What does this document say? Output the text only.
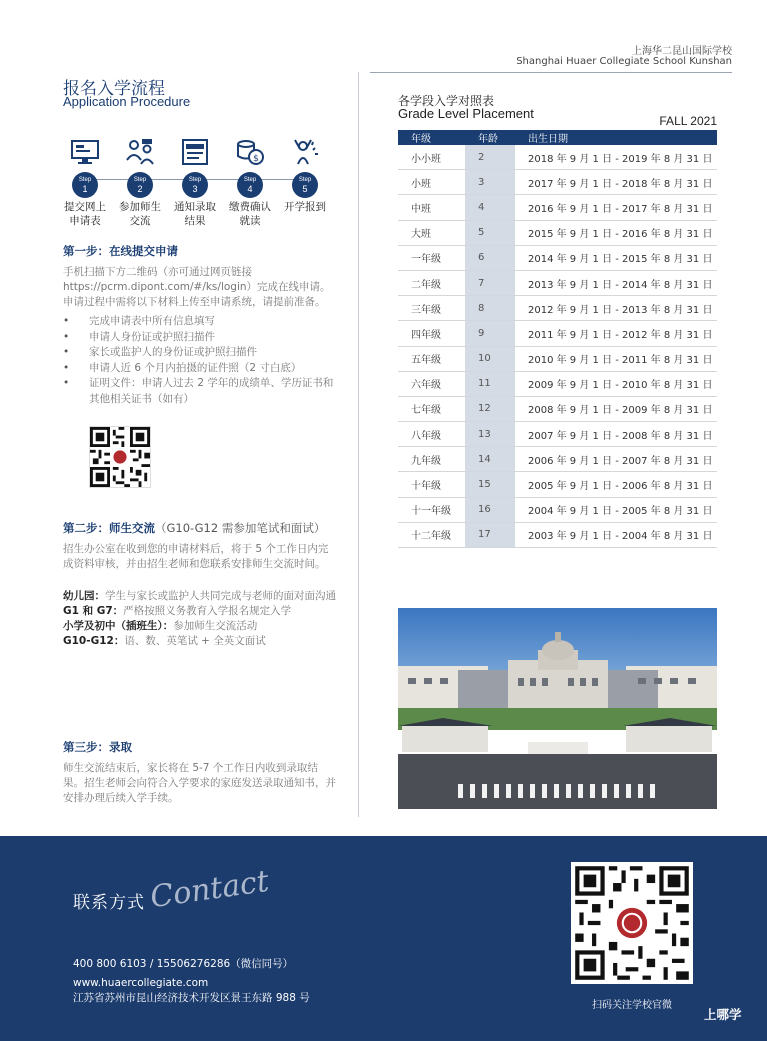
上海华二昆山国际学校
Shanghai Huaer Collegiate School Kunshan
报名入学流程
Application Procedure
Step
1
提交网上
申请表
Step
2
参加师生
交流
Step
3
通知录取
结果
$
Step
4
缴费确认
就读
Step
5
开学报到
第一步：在线提交申请
手机扫描下方二维码（亦可通过网页链接 https://pcrm.dipont.com/#/ks/login）完成在线申请。申请过程中需将以下材料上传至申请系统，请提前准备。
• 完成申请表中所有信息填写
• 申请人身份证或护照扫描件
• 家长或监护人的身份证或护照扫描件
• 申请人近 6 个月内拍摄的证件照（2 寸白底）
• 证明文件：申请人过去 2 学年的成绩单、学历证书和其他相关证书（如有）
第二步：师生交流（G10-G12 需参加笔试和面试）
招生办公室在收到您的申请材料后，将于 5 个工作日内完成资料审核，并由招生老师和您联系安排师生交流时间。
幼儿园：学生与家长或监护人共同完成与老师的面对面沟通
G1 和 G7：严格按照义务教育入学报名规定入学
小学及初中（插班生）：参加师生交流活动
G10-G12：语、数、英笔试 + 全英文面试
第三步：录取
师生交流结束后，家长将在 5-7 个工作日内收到录取结果。招生老师会向符合入学要求的家庭发送录取通知书，并安排办理后续入学手续。
各学段入学对照表
Grade Level Placement	FALL 2021
年级	年龄	出生日期
小小班	2	2018 年 9 月 1 日 - 2019 年 8 月 31 日
小班	3	2017 年 9 月 1 日 - 2018 年 8 月 31 日
中班	4	2016 年 9 月 1 日 - 2017 年 8 月 31 日
大班	5	2015 年 9 月 1 日 - 2016 年 8 月 31 日
一年级	6	2014 年 9 月 1 日 - 2015 年 8 月 31 日
二年级	7	2013 年 9 月 1 日 - 2014 年 8 月 31 日
三年级	8	2012 年 9 月 1 日 - 2013 年 8 月 31 日
四年级	9	2011 年 9 月 1 日 - 2012 年 8 月 31 日
五年级	10	2010 年 9 月 1 日 - 2011 年 8 月 31 日
六年级	11	2009 年 9 月 1 日 - 2010 年 8 月 31 日
七年级	12	2008 年 9 月 1 日 - 2009 年 8 月 31 日
八年级	13	2007 年 9 月 1 日 - 2008 年 8 月 31 日
九年级	14	2006 年 9 月 1 日 - 2007 年 8 月 31 日
十年级	15	2005 年 9 月 1 日 - 2006 年 8 月 31 日
十一年级	16	2004 年 9 月 1 日 - 2005 年 8 月 31 日
十二年级	17	2003 年 9 月 1 日 - 2004 年 8 月 31 日
Contact
联系方式
400 800 6103 / 15506276286（微信同号）
www.huaercollegiate.com
江苏省苏州市昆山经济技术开发区景王东路 988 号
扫码关注学校官微
上哪学
